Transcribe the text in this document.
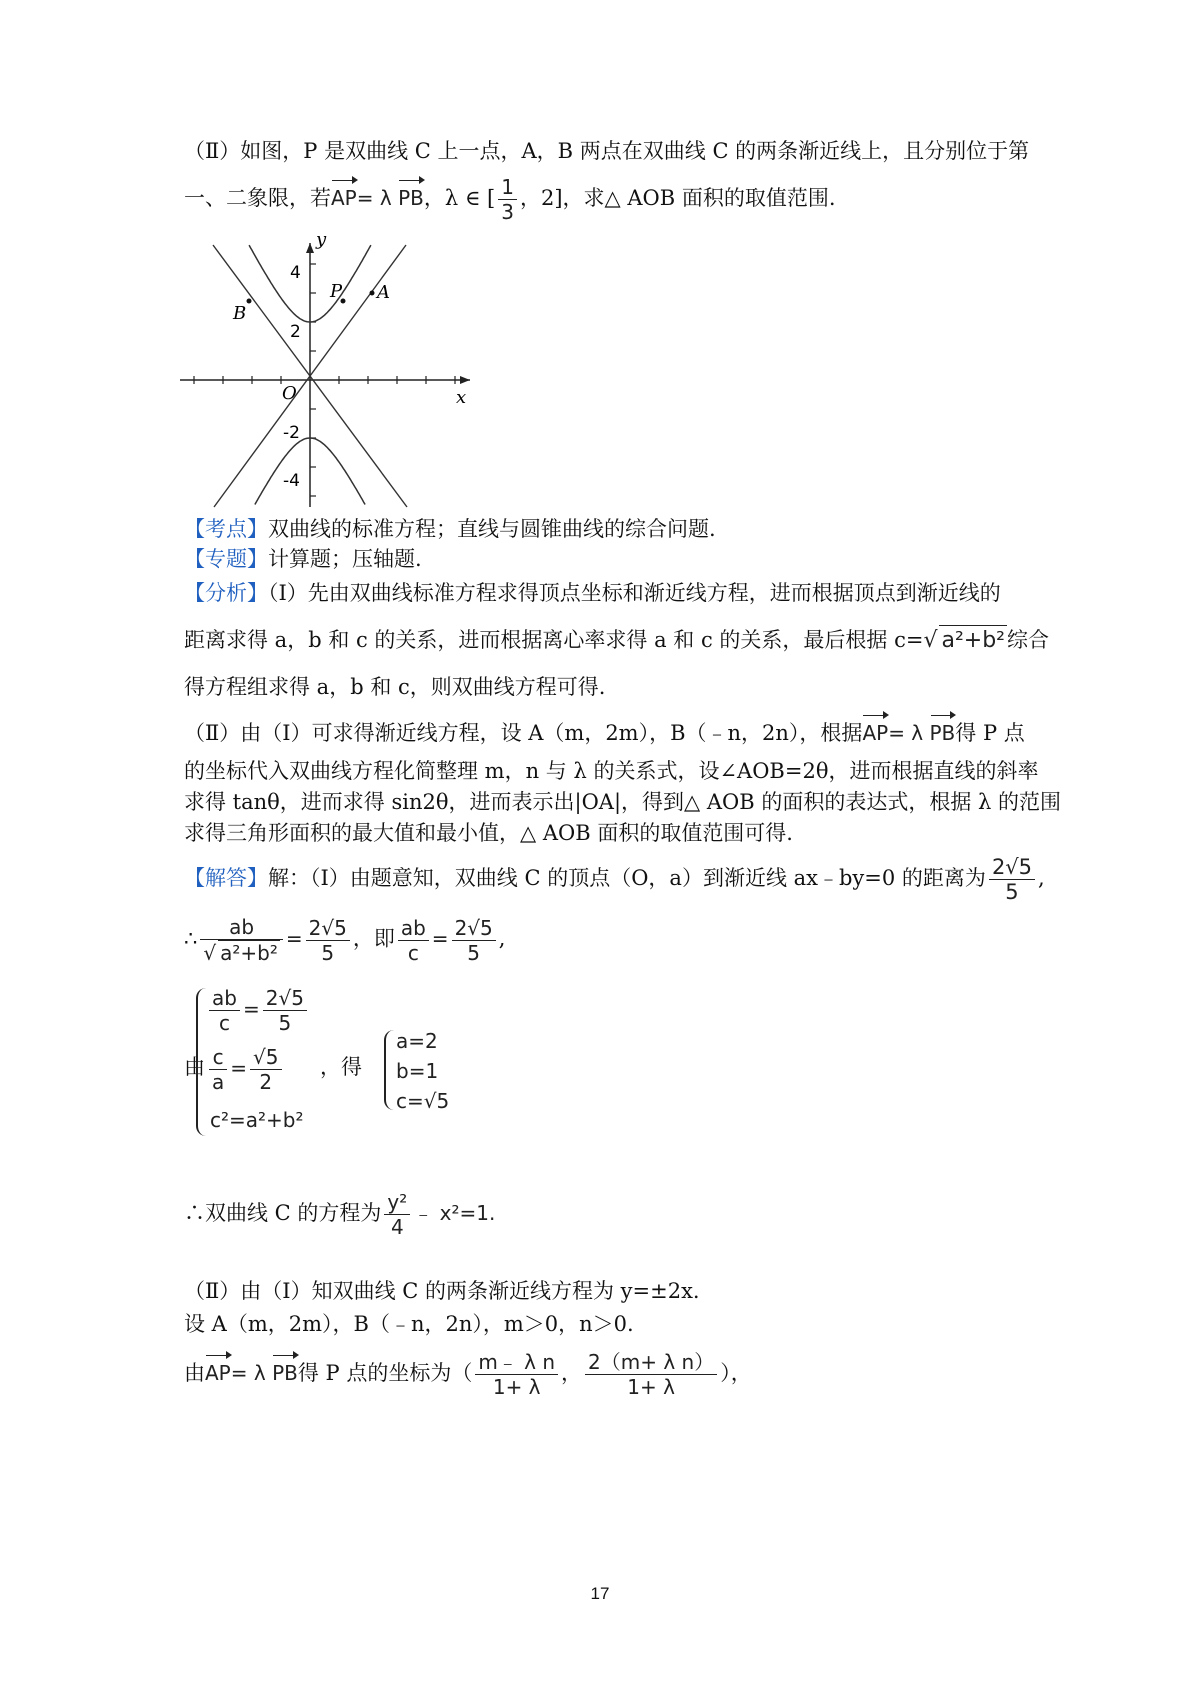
（Ⅱ）如图，P 是双曲线 C 上一点，A，B 两点在双曲线 C 的两条渐近线上，且分别位于第
一、二象限，若AP= λ PB，λ ∈ [ $\frac{1}{3}$ ，2]，求△ AOB 面积的取值范围.
y
x
O
4
2
-2
-4
P A
B
【考点】双曲线的标准方程；直线与圆锥曲线的综合问题.
【专题】计算题；压轴题.
【分析】（Ⅰ）先由双曲线标准方程求得顶点坐标和渐近线方程，进而根据顶点到渐近线的
距离求得 a，b 和 c 的关系，进而根据离心率求得 a 和 c 的关系，最后根据 c=√ a²+b²综合
得方程组求得 a，b 和 c，则双曲线方程可得.
（Ⅱ）由（Ⅰ）可求得渐近线方程，设 A（m，2m），B（﹣n，2n），根据AP= λ PB得 P 点
的坐标代入双曲线方程化简整理 m，n 与 λ 的关系式，设∠AOB=2θ，进而根据直线的斜率
求得 tanθ，进而求得 sin2θ，进而表示出|OA|，得到△ AOB 的面积的表达式，根据 λ 的范围
求得三角形面积的最大值和最小值，△ AOB 面积的取值范围可得.
【解答】解：（Ⅰ）由题意知，双曲线 C 的顶点（O，a）到渐近线 ax﹣by=0 的距离为 $\frac{2√5}{5}$ ,
∴ $\frac{ab}{\text{√ a²+b²}} = \frac{2√5}{5}$ ，即 $\frac{ab}{c} = \frac{2√5}{5}$ ,
由
$\frac{ab}{c} = \frac{2√5}{5}$
$\frac{c}{a} = \frac{√5}{2}$
c²=a²+b²
，得
a=2
b=1
c=√5
∴双曲线 C 的方程为 $\frac{\text{y²}}{4}$ ﹣ x²=1.
（Ⅱ）由（Ⅰ）知双曲线 C 的两条渐近线方程为 y=±2x.
设 A（m，2m），B（﹣n，2n），m＞0，n＞0.
由AP= λ PB得 P 点的坐标为（ $\frac{\text{m﹣ λ n}}{1+ \lambda}$ ， $\frac{\text{2（m+ λ n）}}{1+ \lambda}$ ），
17
